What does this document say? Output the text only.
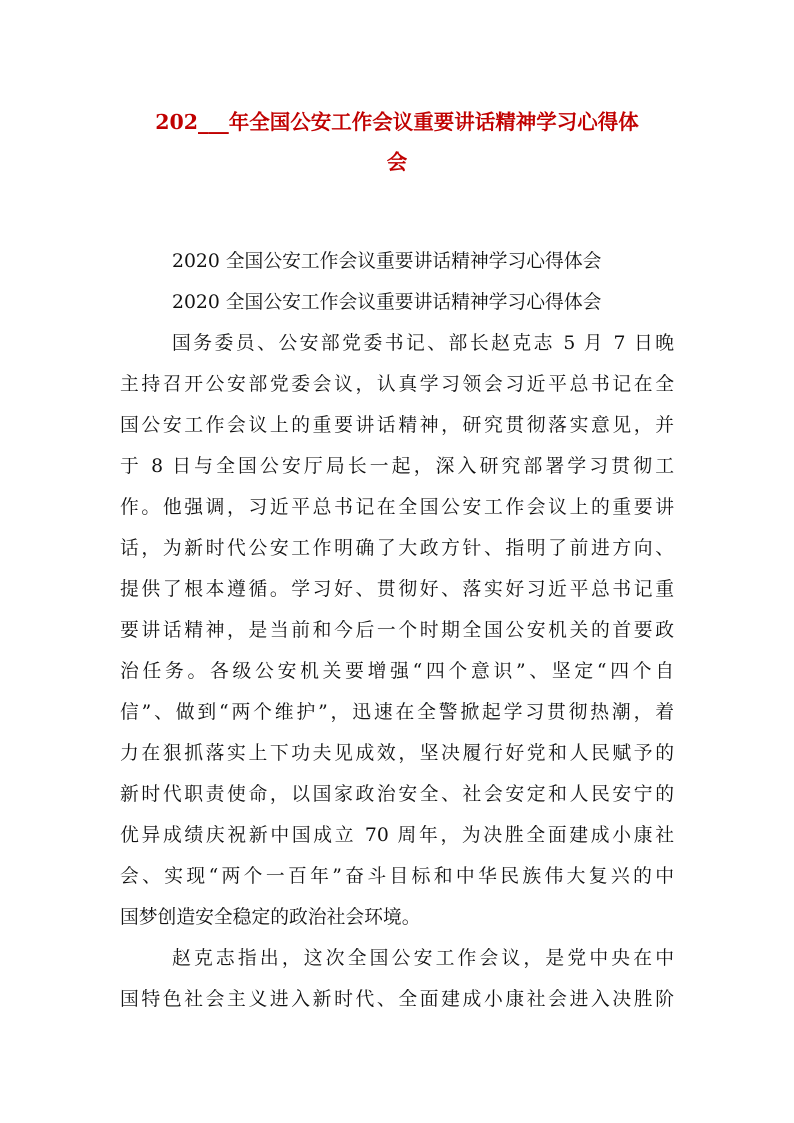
202___年全国公安工作会议重要讲话精神学习心得体
会

2020 全国公安工作会议重要讲话精神学习心得体会

2020 全国公安工作会议重要讲话精神学习心得体会

国务委员、公安部党委书记、部长赵克志 5 月 7 日晚

主持召开公安部党委会议，认真学习领会习近平总书记在全

国公安工作会议上的重要讲话精神，研究贯彻落实意见，并

于 8 日与全国公安厅局长一起，深入研究部署学习贯彻工

作。他强调，习近平总书记在全国公安工作会议上的重要讲

话，为新时代公安工作明确了大政方针、指明了前进方向、

提供了根本遵循。学习好、贯彻好、落实好习近平总书记重

要讲话精神，是当前和今后一个时期全国公安机关的首要政

治任务。各级公安机关要增强“四个意识”、坚定“四个自

信”、做到“两个维护”，迅速在全警掀起学习贯彻热潮，着

力在狠抓落实上下功夫见成效，坚决履行好党和人民赋予的

新时代职责使命，以国家政治安全、社会安定和人民安宁的

优异成绩庆祝新中国成立 70 周年，为决胜全面建成小康社

会、实现“两个一百年”奋斗目标和中华民族伟大复兴的中

国梦创造安全稳定的政治社会环境。

赵克志指出，这次全国公安工作会议，是党中央在中

国特色社会主义进入新时代、全面建成小康社会进入决胜阶
